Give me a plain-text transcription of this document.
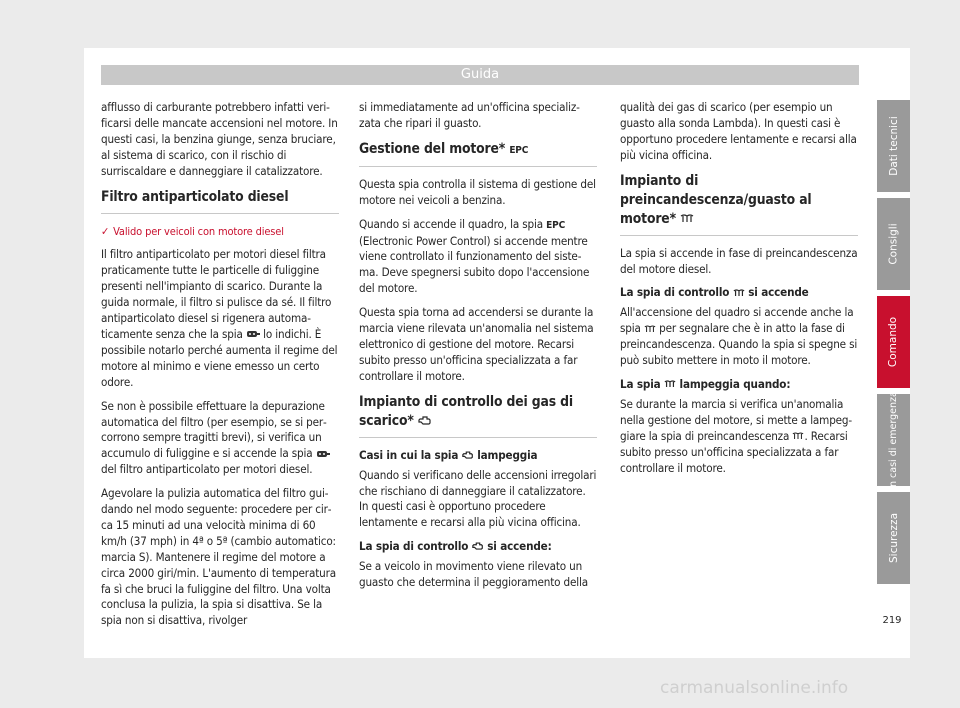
Guida

afflusso di carburante potrebbero infatti verificarsi delle mancate accensioni nel motore. In questi casi, la benzina giunge, senza bruciare, al sistema di scarico, con il rischio di surriscaldare e danneggiare il catalizzatore.

Filtro antiparticolato diesel

✓ Valido per veicoli con motore diesel

Il filtro antiparticolato per motori diesel filtra praticamente tutte le particelle di fuliggine presenti nell'impianto di scarico. Durante la guida normale, il filtro si pulisce da sé. Il filtro antiparticolato diesel si rigenera automaticamente senza che la spia lo indichi. È possibile notarlo perché aumenta il regime del motore al minimo e viene emesso un certo odore.

Se non è possibile effettuare la depurazione automatica del filtro (per esempio, se si percorrono sempre tragitti brevi), si verifica un accumulo di fuliggine e si accende la spia  del filtro antiparticolato per motori diesel.

Agevolare la pulizia automatica del filtro guidando nel modo seguente: procedere per circa 15 minuti ad una velocità minima di 60 km/h (37 mph) in 4ª o 5ª (cambio automatico: marcia S). Mantenere il regime del motore a circa 2000 giri/min. L'aumento di temperatura fa sì che bruci la fuliggine del filtro. Una volta conclusa la pulizia, la spia si disattiva. Se la spia non si disattiva, rivolger

si immediatamente ad un'officina specializzata che ripari il guasto.

Gestione del motore* EPC

Questa spia controlla il sistema di gestione del motore nei veicoli a benzina.

Quando si accende il quadro, la spia EPC (Electronic Power Control) si accende mentre viene controllato il funzionamento del sistema. Deve spegnersi subito dopo l'accensione del motore.

Questa spia torna ad accendersi se durante la marcia viene rilevata un'anomalia nel sistema elettronico di gestione del motore. Recarsi subito presso un'officina specializzata a far controllare il motore.

Impianto di controllo dei gas di scarico*
Casi in cui la spia lampeggia

Quando si verificano delle accensioni irregolari che rischiano di danneggiare il catalizzatore. In questi casi è opportuno procedere lentamente e recarsi alla più vicina officina.

La spia di controllo si accende:

Se a veicolo in movimento viene rilevato un guasto che determina il peggioramento della

qualità dei gas di scarico (per esempio un guasto alla sonda Lambda). In questi casi è opportuno procedere lentamente e recarsi alla più vicina officina.

Impianto di preincandescenza/guasto al motore*

La spia si accende in fase di preincandescenza del motore diesel.

La spia di controllo si accende

All'accensione del quadro si accende anche la spia per segnalare che è in atto la fase di preincandescenza. Quando la spia si spegne si può subito mettere in moto il motore.

La spia lampeggia quando:

Se durante la marcia si verifica un'anomalia nella gestione del motore, si mette a lampeggiare la spia di preincandescenza . Recarsi subito presso un'officina specializzata a far controllare il motore.

Dati tecnici
Consigli
Comando
In casi di emergenza
Sicurezza
219
carmanualsonline.info
